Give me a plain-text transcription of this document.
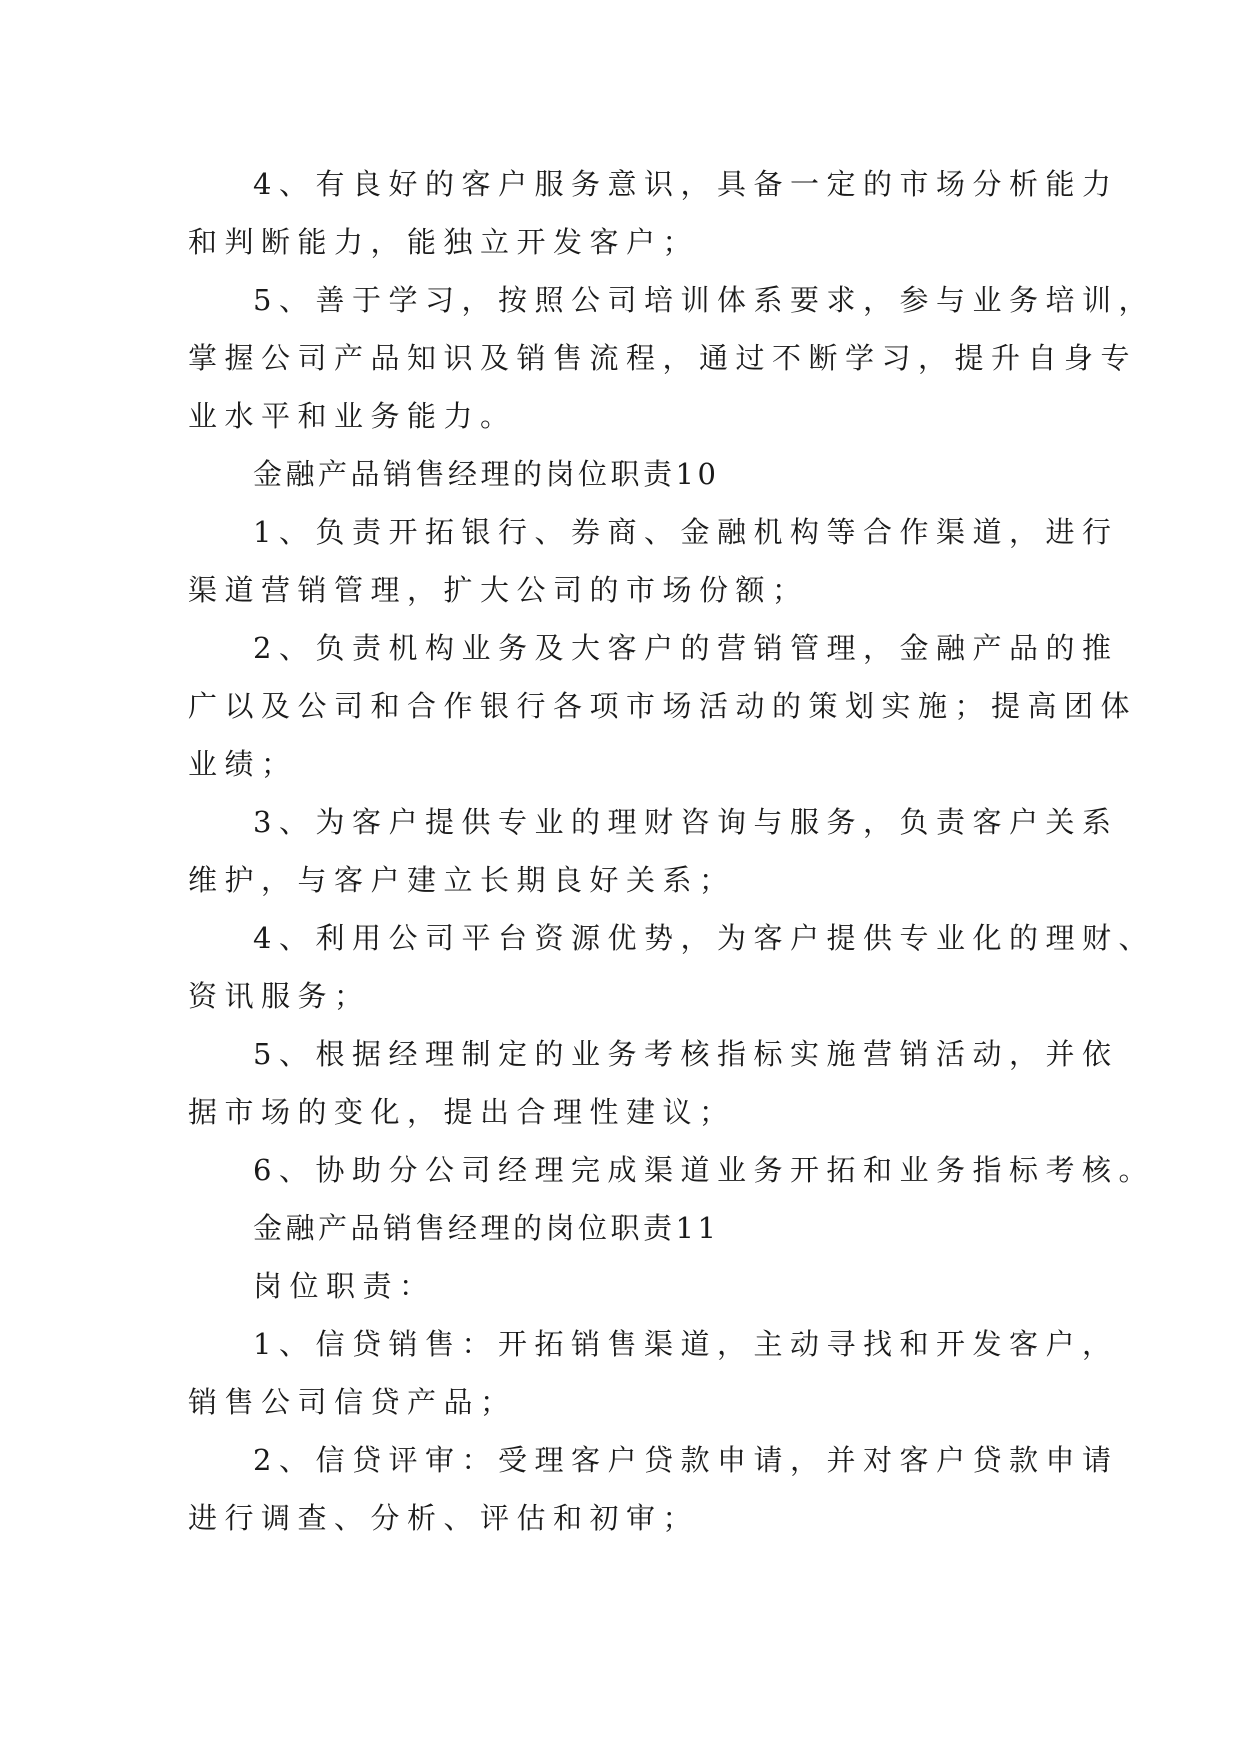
4、有良好的客户服务意识，具备一定的市场分析能力

和判断能力，能独立开发客户；

5、善于学习，按照公司培训体系要求，参与业务培训，

掌握公司产品知识及销售流程，通过不断学习，提升自身专

业水平和业务能力。

金融产品销售经理的岗位职责10

1、负责开拓银行、券商、金融机构等合作渠道，进行

渠道营销管理，扩大公司的市场份额；

2、负责机构业务及大客户的营销管理，金融产品的推

广以及公司和合作银行各项市场活动的策划实施；提高团体

业绩；

3、为客户提供专业的理财咨询与服务，负责客户关系

维护，与客户建立长期良好关系；

4、利用公司平台资源优势，为客户提供专业化的理财、

资讯服务；

5、根据经理制定的业务考核指标实施营销活动，并依

据市场的变化，提出合理性建议；

6、协助分公司经理完成渠道业务开拓和业务指标考核。

金融产品销售经理的岗位职责11

岗位职责：

1、信贷销售：开拓销售渠道，主动寻找和开发客户，

销售公司信贷产品；

2、信贷评审：受理客户贷款申请，并对客户贷款申请

进行调查、分析、评估和初审；
